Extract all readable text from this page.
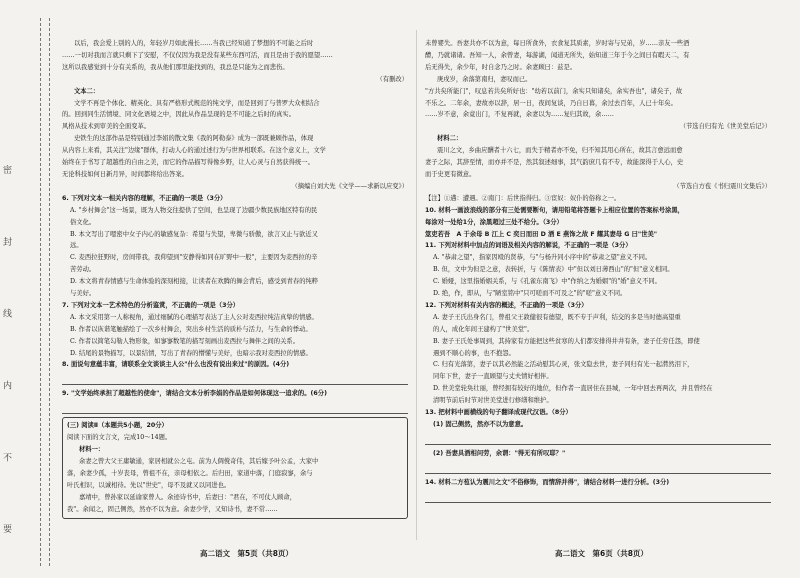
密 封 线 内 不 要

以后，我会爱上别的人的，年轻岁月如此漫长……当我已经知道了梦想的不可能之后时

……一切对我而言就只剩下了安慰，不仅仅因为我是没有某些东西可活，而且是由于我的愿望……

这所以我感觉到十分有关系的，我从他们那里能找到的，我总是只能为之而悲伤。

（有删改）

文本二：

文学不再是个体化、精英化、具有严格形式规范的纯文学，而是回到了与普罗大众相结合

的。回到同生活情境、同文化语境之中，因此从作品呈现的是不可能之后时的真实。

风格从技术到审美的全面变革。

史铁生的这部作品是特别通过李娟的散文集《我的阿勒泰》成为一部既兼顾作品，体现

从内容上来看，其关注"边缘"群体，打动人心的通过述行为与世界相联系。在这个意义上，文学

始终在于书写了超越性的自由之美，而它的作品描写得像乡野，让人心灵与自然获得统一。

无论科技如何日新月异，时间都将给出答案。

（摘编自刘大先《文学——求新以应变》）

6. 下列对文本一相关内容的理解，不正确的一项是（3分）

A. "乡村舞会"这一场景，既为人物交往提供了空间，也呈现了边疆少数民族地区特有的民

俗文化。

B. 本文写出了嗯密中女子内心的敏感复杂：希望与失望，卑微与骄傲，欲言又止与欲近又

远。

C. 麦西拉狂野时，房间带我，我仰望到"安静得如同在旷野中一般"，主要因为麦西拉的辛

苦劳动。

D. 本文将青春情感与生命体验的深刻相接，让读者在欢腾的舞会背后，感受到青春的纯粹

与美好。

7. 下列对文本一艺术特色的分析鉴赏，不正确的一项是（3分）

A. 本文采用第一人称视角，通过细腻的心理描写表达了主人公对麦西拉纯洁真挚的情感。

B. 作者以诙谐笔触描绘了一次乡村舞会，突出乡村生活的质朴与活力，与生命的悸动。

C. 作者以简笔勾勒人物形象，如寥寥数笔的描写刻画出麦西拉与舞伴之间的关系。

D. 结尾的景物描写，以景结情，写出了青春的懵懂与美好，也暗示我对麦西拉的情感。

8. 面说句意蕴丰富，请联系全文谈谈主人公"什么也没有说出来过"的原因。(4分)

9. "文学始终承担了超越性的使命"，请结合文本分析李娟的作品是如何体现这一追求的。(6分)

(三) 阅读Ⅱ（本题共5小题，20分）

阅读下面的文言文，完成10～14题。

材料一：

余妻之曾大父王庸敏通，家居相就公之屯。前为人倜傥奇伟，其后嫁予叶公孟，大家中

落，余妻少孤，十岁丧母，曾祖不在，亲母相依之。后归田，家道中落，门庭寂寥，余与

叶氏相识，以诚相待。先以"世史"，母不及就又以同进也。

嘉靖中，曾孙家以延谕家曾人。余迹诗书中，后妻曰："君在，不可仗人顾命，

我"。余闻之，固己侧然，然亦不以为意。余妻少学，又知诗书，妻不常……

未曾婴失。吾妻共亦不以为意，每日所食外，衣食复其质素，岁时寄与兄弟，岁……亲友一些酒

醴，乃就诸诸。吾知一人，余曾妻，每游湖，闻道无所失，始知道三年于今之间日有暇天二，有

后无得失，余少年，时自念乃之时。余妻顾曰：兹是。

庚戌岁，余落第南归，妻叹而已。

"方共矣所能门"，叹息若共矣所好也："幼若以前门，余实只知诸矣，余实吾也"，诸矣子，故

不乐之。二年余，妻故亦以辞，居一日，夜间复谈，乃自日暮，余过去百年，人已十年矣。

……岁不意，余竟出门，不复再就，余妻以为……复归其故，余……

（节选自归有光《世美堂后记》）

材料二：

震川之文，乡曲应酬者十六七，而失于精者亦不免，归不知其用心所在，故其言愈远而愈

妻子之际，其辞至情，而亦并不是，然其叙述细事，其气韵庶几有不专，故能深得于人心，史

而于史更有微意。

（节选自方苞《书归震川文集后》）

【注】①遘：遭遇。②南门：后世指得归。③宦奴：奴仆的俗称之一。

10. 材料一画波浪线的部分有三处需要断句，请用铅笔将答题卡上相应位置的答案标号涂黑，

每涂对一处给1分，涂黑超过三处不给分。（3分）

筮吏若吾　A 于余母 B 江上 C 奕日而田 D 酒 E 燕饰之故 F 耀其妻母 G 曰"世美"

11. 下列对材料中加点的词语及相关内容的解说，不正确的一项是（3分）

A. "恭肃之望"，指家因殴的贤恭，与"与杨升同小序中的"恭肃之望"意义不同。

B. 但，文中为但是之意，表转折，与《陈情表》中"但以刘日薄西山"的"但"意义相同。

C. 婚娅，这里指婚姻关系，与《孔雀东南飞》中"作纳之为婚姻"的"婚"意义不同。

D. 绝，作，即从，与"陋室铭中"只可嗟而不可及之"的"嗟"意义不同。

12. 下列对材料有关内容的概述，不正确的一项是（3分）

A. 妻子王氏出身名门，曾祖父王敦健很有德望，既不专于声利，结交的多是当时德高望重

的人，成化年间王建构了"世美堂"。

B. 妻子王氏处事周到，其持家有方能把这些贫寒的人们都安排得井井有条，妻子任劳任怨，即使

遇到不顺心的事，也不抱怨。

C. 归有光落第，妻子以其必然能之活动慰其心灵，张文隐去世，妻子同归有光一起潸然泪下，

同年下世，妻子一直顾望与丈夫情好相伴。

D. 世美堂轮奂壮丽，曾经拥有较好的地位，但作者一直居住在县城，一年中回去再两次，并且曾经在

清明节前后时节对世美堂进行修缮和维护。

13. 把材料中画横线的句子翻译成现代汉语。（8分）

(1) 固己侧然，然亦不以为意意。

(2) 吾妻具酒相问劳，余谓："得无有所叹耶？"

14. 材料二方苞认为震川之文"不俗修饰，而情辞并得"，请结合材料一进行分析。(3分)

高二语文　第5页（共8页）	高二语文　第6页（共8页）
